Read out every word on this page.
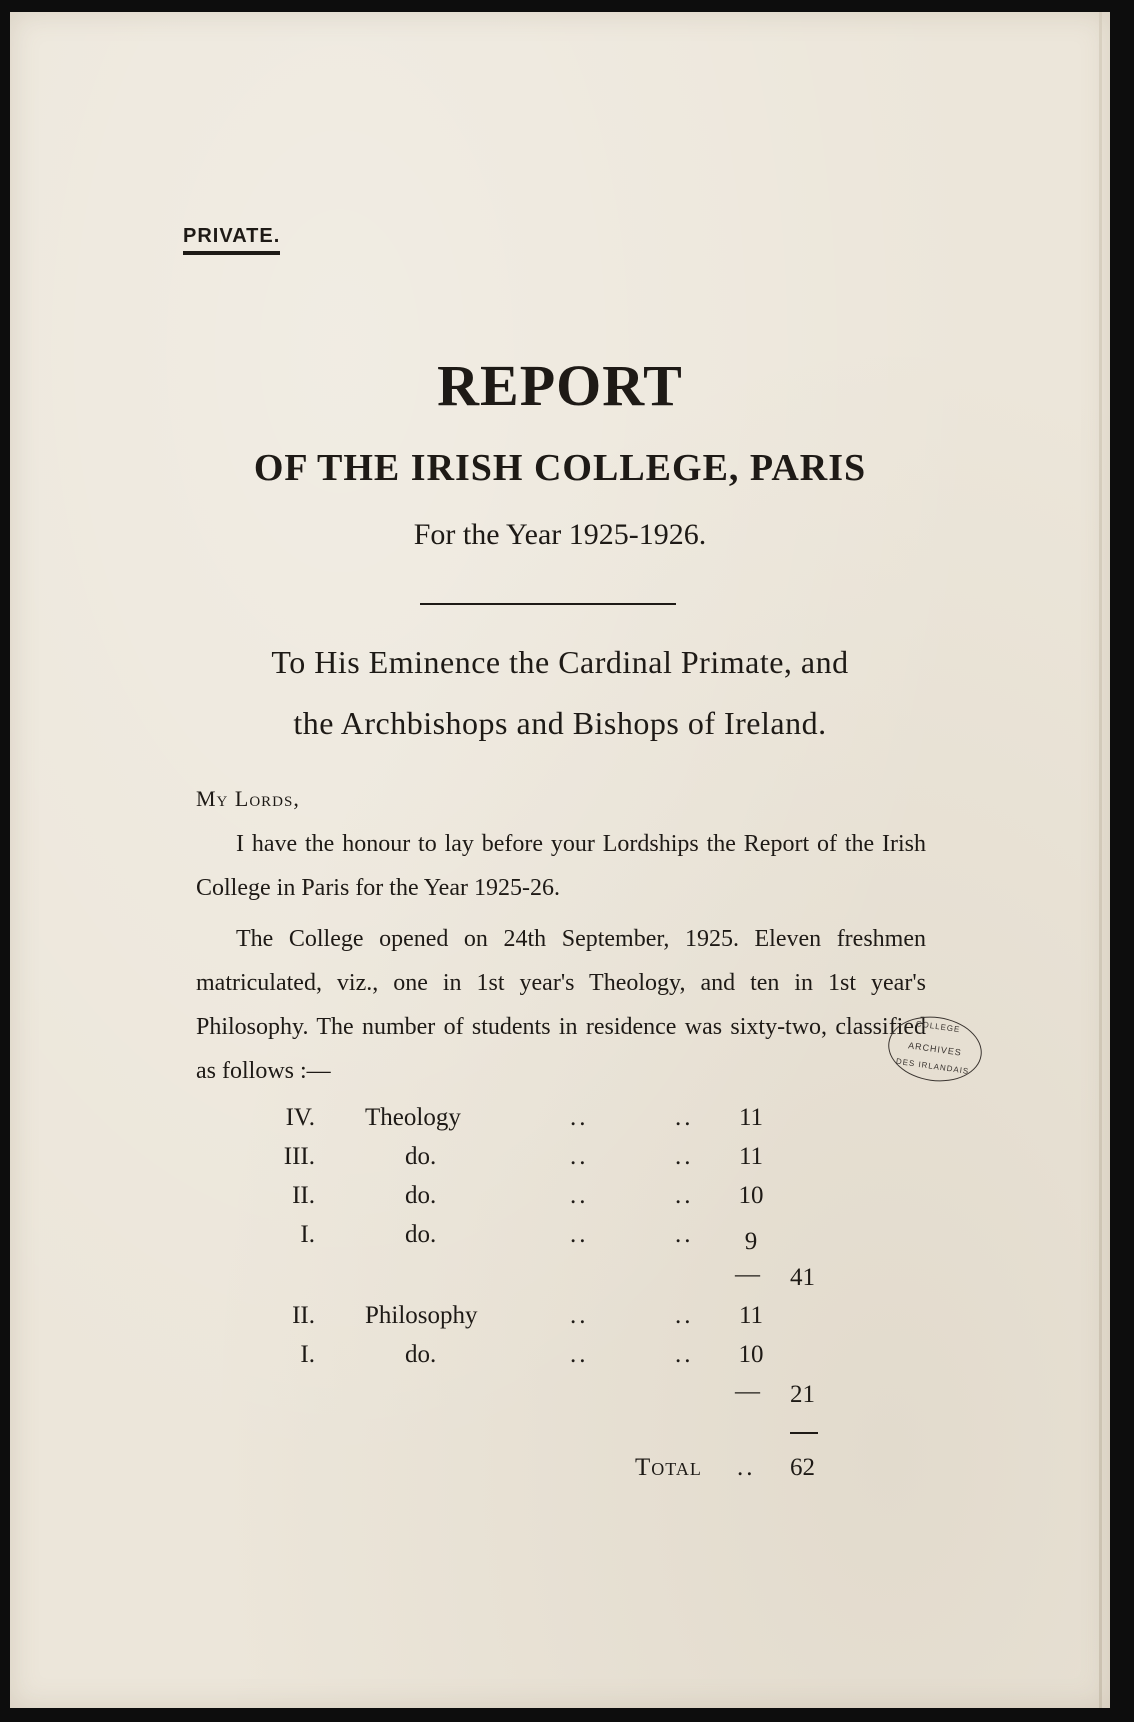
PRIVATE.
REPORT
OF THE IRISH COLLEGE, PARIS
For the Year 1925-1926.
To His Eminence the Cardinal Primate, and
the Archbishops and Bishops of Ireland.
My Lords,
I have the honour to lay before your Lordships the Report of the Irish College in Paris for the Year 1925-26.
The College opened on 24th September, 1925. Eleven freshmen matriculated, viz., one in 1st year's Theology, and ten in 1st year's Philosophy. The number of students in residence was sixty-two, classified as follows :—
COLLEGE
ARCHIVES
DES IRLANDAIS
IV. Theology	..	..	11
III.	do.	..	..	11
II.	do.	..	..	10
I.	do.	..	..	9
— 41
II. Philosophy	..	..	11
I.	do.	..	..	10
— 21
Total .. 62
